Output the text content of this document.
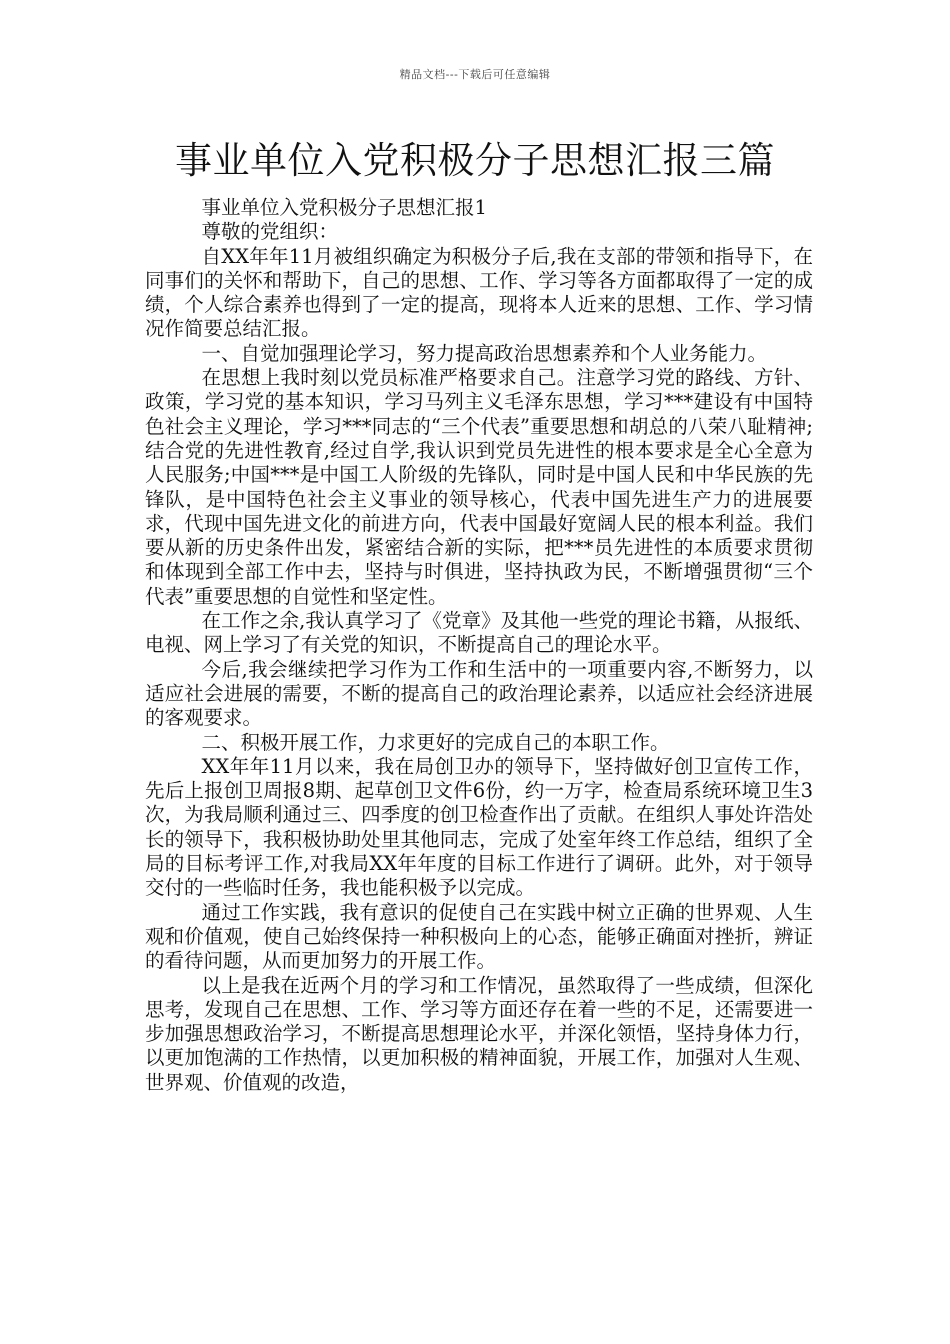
精品文档---下载后可任意编辑
事业单位入党积极分子思想汇报三篇

事业单位入党积极分子思想汇报1

尊敬的党组织：

自XX年年11月被组织确定为积极分子后,我在支部的带领和指导下，在同事们的关怀和帮助下，自己的思想、工作、学习等各方面都取得了一定的成绩，个人综合素养也得到了一定的提高，现将本人近来的思想、工作、学习情况作简要总结汇报。

一、自觉加强理论学习，努力提高政治思想素养和个人业务能力。

在思想上我时刻以党员标准严格要求自己。注意学习党的路线、方针、政策，学习党的基本知识，学习马列主义毛泽东思想，学习***建设有中国特色社会主义理论，学习***同志的“三个代表”重要思想和胡总的八荣八耻精神;结合党的先进性教育,经过自学,我认识到党员先进性的根本要求是全心全意为人民服务;中国***是中国工人阶级的先锋队，同时是中国人民和中华民族的先锋队，是中国特色社会主义事业的领导核心，代表中国先进生产力的进展要求，代现中国先进文化的前进方向，代表中国最好宽阔人民的根本利益。我们要从新的历史条件出发，紧密结合新的实际，把***员先进性的本质要求贯彻和体现到全部工作中去，坚持与时俱进，坚持执政为民，不断增强贯彻“三个代表”重要思想的自觉性和坚定性。

在工作之余,我认真学习了《党章》及其他一些党的理论书籍，从报纸、电视、网上学习了有关党的知识，不断提高自己的理论水平。

今后,我会继续把学习作为工作和生活中的一项重要内容,不断努力，以适应社会进展的需要，不断的提高自己的政治理论素养，以适应社会经济进展的客观要求。

二、积极开展工作，力求更好的完成自己的本职工作。

XX年年11月以来，我在局创卫办的领导下，坚持做好创卫宣传工作，先后上报创卫周报8期、起草创卫文件6份，约一万字，检查局系统环境卫生3次，为我局顺利通过三、四季度的创卫检查作出了贡献。在组织人事处许浩处长的领导下，我积极协助处里其他同志，完成了处室年终工作总结，组织了全局的目标考评工作,对我局XX年年度的目标工作进行了调研。此外，对于领导交付的一些临时任务，我也能积极予以完成。

通过工作实践，我有意识的促使自己在实践中树立正确的世界观、人生观和价值观，使自己始终保持一种积极向上的心态，能够正确面对挫折，辨证的看待问题，从而更加努力的开展工作。

以上是我在近两个月的学习和工作情况，虽然取得了一些成绩，但深化思考，发现自己在思想、工作、学习等方面还存在着一些的不足，还需要进一步加强思想政治学习，不断提高思想理论水平，并深化领悟，坚持身体力行，以更加饱满的工作热情，以更加积极的精神面貌，开展工作，加强对人生观、世界观、价值观的改造，
